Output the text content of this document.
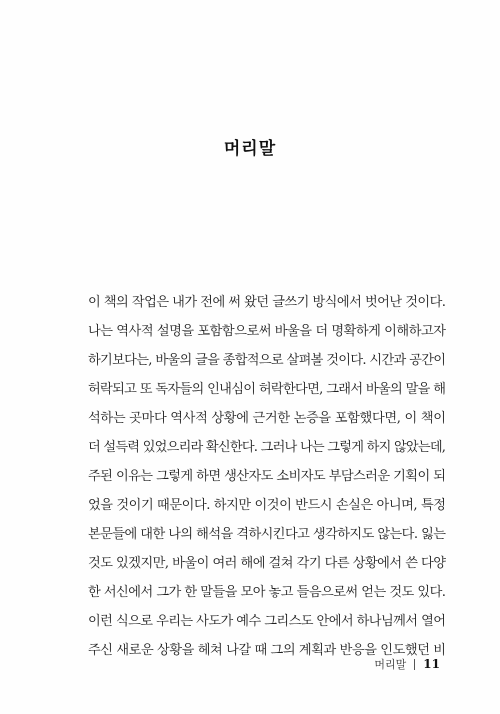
머리말
이 책의 작업은 내가 전에 써 왔던 글쓰기 방식에서 벗어난 것이다.
나는 역사적 설명을 포함함으로써 바울을 더 명확하게 이해하고자
하기보다는, 바울의 글을 종합적으로 살펴볼 것이다. 시간과 공간이
허락되고 또 독자들의 인내심이 허락한다면, 그래서 바울의 말을 해
석하는 곳마다 역사적 상황에 근거한 논증을 포함했다면, 이 책이
더 설득력 있었으리라 확신한다. 그러나 나는 그렇게 하지 않았는데,
주된 이유는 그렇게 하면 생산자도 소비자도 부담스러운 기획이 되
었을 것이기 때문이다. 하지만 이것이 반드시 손실은 아니며, 특정
본문들에 대한 나의 해석을 격하시킨다고 생각하지도 않는다. 잃는
것도 있겠지만, 바울이 여러 해에 걸쳐 각기 다른 상황에서 쓴 다양
한 서신에서 그가 한 말들을 모아 놓고 들음으로써 얻는 것도 있다.
이런 식으로 우리는 사도가 예수 그리스도 안에서 하나님께서 열어
주신 새로운 상황을 헤쳐 나갈 때 그의 계획과 반응을 인도했던 비
머리말 11
